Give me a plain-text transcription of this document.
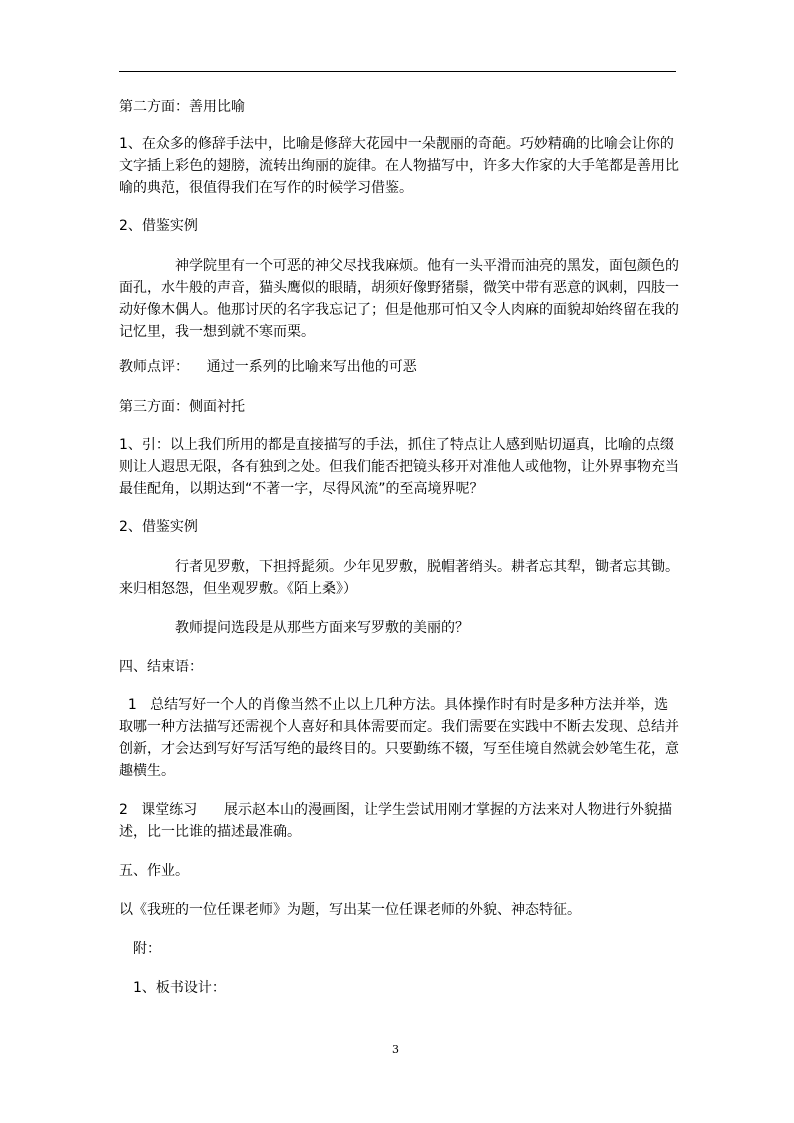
第二方面：善用比喻
1、在众多的修辞手法中，比喻是修辞大花园中一朵靓丽的奇葩。巧妙精确的比喻会让你的
文字插上彩色的翅膀，流转出绚丽的旋律。在人物描写中，许多大作家的大手笔都是善用比
喻的典范，很值得我们在写作的时候学习借鉴。
2、借鉴实例
神学院里有一个可恶的神父尽找我麻烦。他有一头平滑而油亮的黑发，面包颜色的
面孔，水牛般的声音，猫头鹰似的眼睛，胡须好像野猪鬃，微笑中带有恶意的讽刺，四肢一
动好像木偶人。他那讨厌的名字我忘记了；但是他那可怕又令人肉麻的面貌却始终留在我的
记忆里，我一想到就不寒而栗。
教师点评：    通过一系列的比喻来写出他的可恶
第三方面：侧面衬托
1、引：以上我们所用的都是直接描写的手法，抓住了特点让人感到贴切逼真，比喻的点缀
则让人遐思无限，各有独到之处。但我们能否把镜头移开对准他人或他物，让外界事物充当
最佳配角，以期达到“不著一字，尽得风流”的至高境界呢？
2、借鉴实例
行者见罗敷，下担捋髭须。少年见罗敷，脱帽著绡头。耕者忘其犁，锄者忘其锄。
来归相怒怨，但坐观罗敷。《陌上桑》）
教师提问选段是从那些方面来写罗敷的美丽的？
四、结束语：
1   总结写好一个人的肖像当然不止以上几种方法。具体操作时有时是多种方法并举，选
取哪一种方法描写还需视个人喜好和具体需要而定。我们需要在实践中不断去发现、总结并
创新，才会达到写好写活写绝的最终目的。只要勤练不辍，写至佳境自然就会妙笔生花，意
趣横生。
2   课堂练习      展示赵本山的漫画图，让学生尝试用刚才掌握的方法来对人物进行外貌描
述，比一比谁的描述最准确。
五、作业。
以《我班的一位任课老师》为题，写出某一位任课老师的外貌、神态特征。
附：
1、板书设计：
3
